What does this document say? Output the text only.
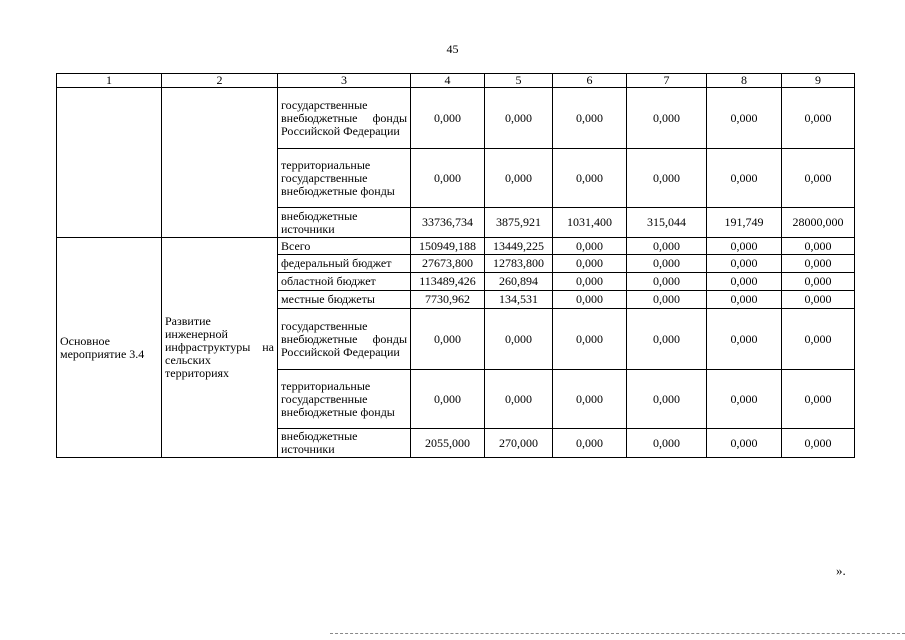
45
1	2	3	4	5	6	7	8	9
		государственные внебюджетные фонды Российской Федерации	0,000	0,000	0,000	0,000	0,000	0,000
		территориальные государственные внебюджетные фонды	0,000	0,000	0,000	0,000	0,000	0,000
		внебюджетные источники	33736,734	3875,921	1031,400	315,044	191,749	28000,000
Основное мероприятие 3.4	Развитие инженерной инфраструктуры на сельских территориях	Всего	150949,188	13449,225	0,000	0,000	0,000	0,000
		федеральный бюджет	27673,800	12783,800	0,000	0,000	0,000	0,000
		областной бюджет	113489,426	260,894	0,000	0,000	0,000	0,000
		местные бюджеты	7730,962	134,531	0,000	0,000	0,000	0,000
		государственные внебюджетные фонды Российской Федерации	0,000	0,000	0,000	0,000	0,000	0,000
		территориальные государственные внебюджетные фонды	0,000	0,000	0,000	0,000	0,000	0,000
		внебюджетные источники	2055,000	270,000	0,000	0,000	0,000	0,000
».
